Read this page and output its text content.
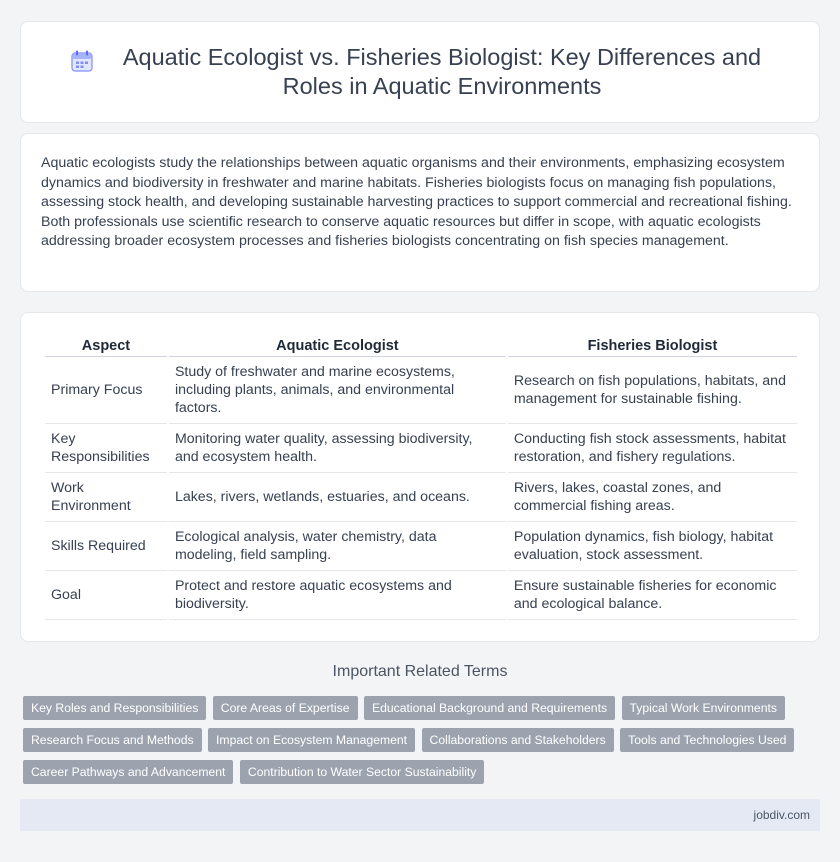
Aquatic Ecologist vs. Fisheries Biologist: Key Differences and Roles in Aquatic Environments

Aquatic ecologists study the relationships between aquatic organisms and their environments, emphasizing ecosystem dynamics and biodiversity in freshwater and marine habitats. Fisheries biologists focus on managing fish populations, assessing stock health, and developing sustainable harvesting practices to support commercial and recreational fishing. Both professionals use scientific research to conserve aquatic resources but differ in scope, with aquatic ecologists addressing broader ecosystem processes and fisheries biologists concentrating on fish species management.

Aspect	Aquatic Ecologist	Fisheries Biologist
Primary Focus	Study of freshwater and marine ecosystems, including plants, animals, and environmental factors.	Research on fish populations, habitats, and management for sustainable fishing.
Key Responsibilities	Monitoring water quality, assessing biodiversity, and ecosystem health.	Conducting fish stock assessments, habitat restoration, and fishery regulations.
Work Environment	Lakes, rivers, wetlands, estuaries, and oceans.	Rivers, lakes, coastal zones, and commercial fishing areas.
Skills Required	Ecological analysis, water chemistry, data modeling, field sampling.	Population dynamics, fish biology, habitat evaluation, stock assessment.
Goal	Protect and restore aquatic ecosystems and biodiversity.	Ensure sustainable fisheries for economic and ecological balance.
Important Related Terms
Key Roles and Responsibilities Core Areas of Expertise Educational Background and Requirements Typical Work Environments
Research Focus and Methods Impact on Ecosystem Management Collaborations and Stakeholders Tools and Technologies Used
Career Pathways and Advancement Contribution to Water Sector Sustainability
jobdiv.com
